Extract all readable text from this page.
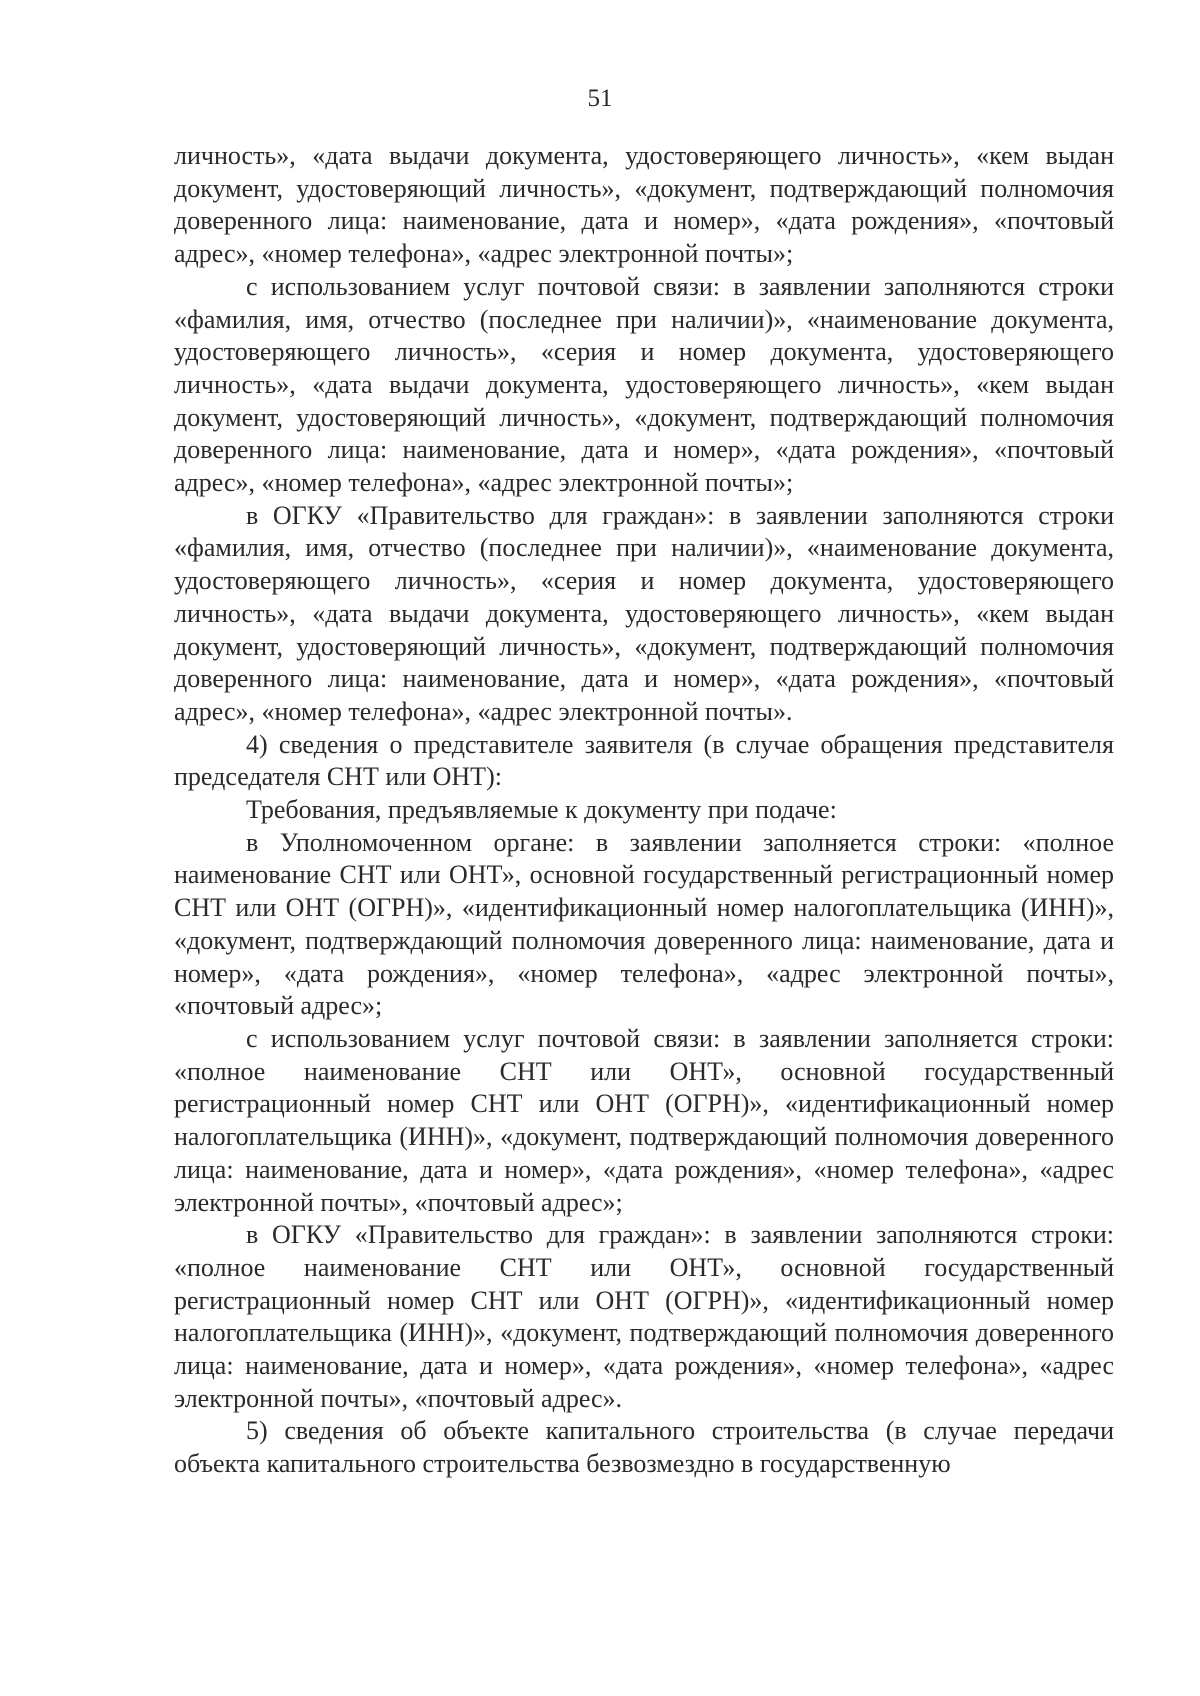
51

личность», «дата выдачи документа, удостоверяющего личность», «кем выдан документ, удостоверяющий личность», «документ, подтверждающий полномочия доверенного лица: наименование, дата и номер», «дата рождения», «почтовый адрес», «номер телефона», «адрес электронной почты»;

с использованием услуг почтовой связи: в заявлении заполняются строки «фамилия, имя, отчество (последнее при наличии)», «наименование документа, удостоверяющего личность», «серия и номер документа, удостоверяющего личность», «дата выдачи документа, удостоверяющего личность», «кем выдан документ, удостоверяющий личность», «документ, подтверждающий полномочия доверенного лица: наименование, дата и номер», «дата рождения», «почтовый адрес», «номер телефона», «адрес электронной почты»;

в ОГКУ «Правительство для граждан»: в заявлении заполняются строки «фамилия, имя, отчество (последнее при наличии)», «наименование документа, удостоверяющего личность», «серия и номер документа, удостоверяющего личность», «дата выдачи документа, удостоверяющего личность», «кем выдан документ, удостоверяющий личность», «документ, подтверждающий полномочия доверенного лица: наименование, дата и номер», «дата рождения», «почтовый адрес», «номер телефона», «адрес электронной почты».

4) сведения о представителе заявителя (в случае обращения представителя председателя СНТ или ОНТ):

Требования, предъявляемые к документу при подаче:

в Уполномоченном органе: в заявлении заполняется строки: «полное наименование СНТ или ОНТ», основной государственный регистрационный номер СНТ или ОНТ (ОГРН)», «идентификационный номер налогоплательщика (ИНН)», «документ, подтверждающий полномочия доверенного лица: наименование, дата и номер», «дата рождения», «номер телефона», «адрес электронной почты», «почтовый адрес»;

с использованием услуг почтовой связи: в заявлении заполняется строки: «полное наименование СНТ или ОНТ», основной государственный регистрационный номер СНТ или ОНТ (ОГРН)», «идентификационный номер налогоплательщика (ИНН)», «документ, подтверждающий полномочия доверенного лица: наименование, дата и номер», «дата рождения», «номер телефона», «адрес электронной почты», «почтовый адрес»;

в ОГКУ «Правительство для граждан»: в заявлении заполняются строки: «полное наименование СНТ или ОНТ», основной государственный регистрационный номер СНТ или ОНТ (ОГРН)», «идентификационный номер налогоплательщика (ИНН)», «документ, подтверждающий полномочия доверенного лица: наименование, дата и номер», «дата рождения», «номер телефона», «адрес электронной почты», «почтовый адрес».

5) сведения об объекте капитального строительства (в случае передачи объекта капитального строительства безвозмездно в государственную
